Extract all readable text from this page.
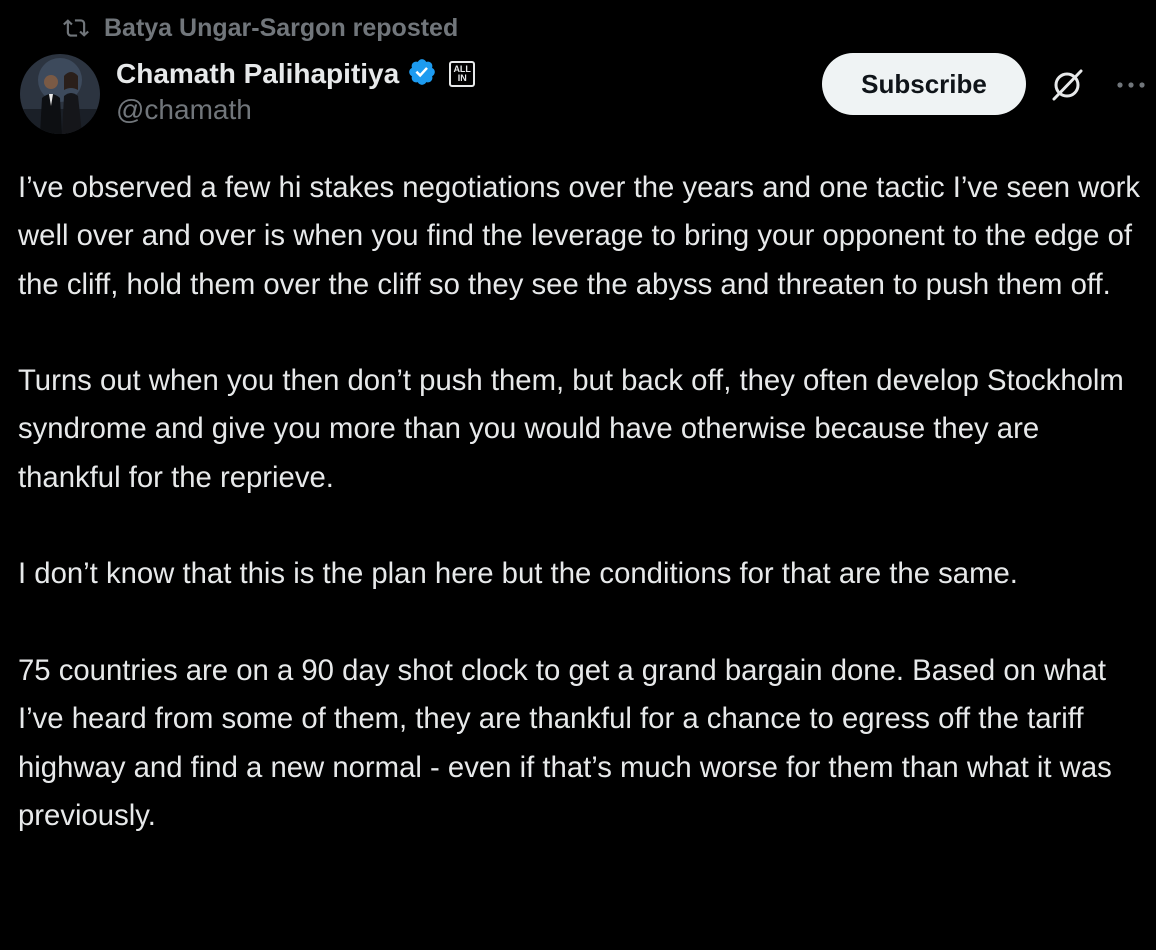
Batya Ungar-Sargon reposted
Chamath Palihapitiya	ALL
IN
@chamath
Subscribe

I’ve observed a few hi stakes negotiations over the years and one tactic I’ve seen work well over and over is when you find the leverage to bring your opponent to the edge of the cliff, hold them over the cliff so they see the abyss and threaten to push them off.

Turns out when you then don’t push them, but back off, they often develop Stockholm syndrome and give you more than you would have otherwise because they are thankful for the reprieve.

I don’t know that this is the plan here but the conditions for that are the same.

75 countries are on a 90 day shot clock to get a grand bargain done. Based on what I’ve heard from some of them, they are thankful for a chance to egress off the tariff highway and find a new normal - even if that’s much worse for them than what it was previously.
